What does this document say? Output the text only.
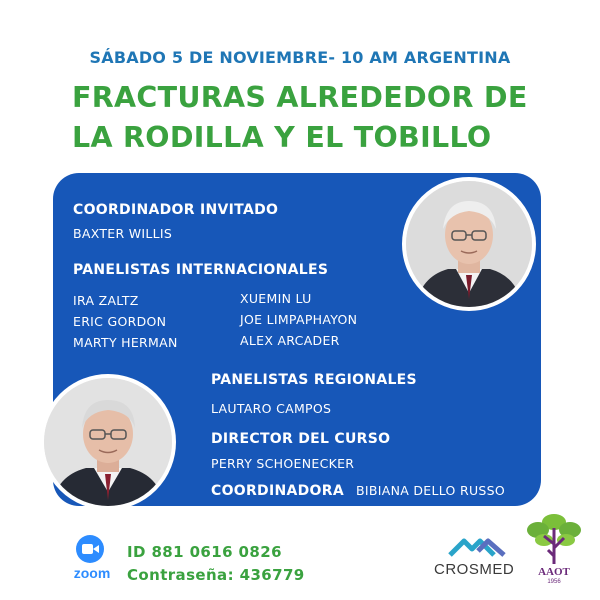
SÁBADO 5 DE NOVIEMBRE- 10 AM ARGENTINA
FRACTURAS ALREDEDOR DE
LA RODILLA Y EL TOBILLO
COORDINADOR INVITADO
BAXTER WILLIS
PANELISTAS INTERNACIONALES
IRA ZALTZ
ERIC GORDON
MARTY HERMAN
XUEMIN LU
JOE LIMPAPHAYON
ALEX ARCADER
PANELISTAS REGIONALES
LAUTARO CAMPOS
DIRECTOR DEL CURSO
PERRY SCHOENECKER
COORDINADORA BIBIANA DELLO RUSSO
zoom
ID 881 0616 0826
Contraseña: 436779	CROSMED	AAOT
1956
